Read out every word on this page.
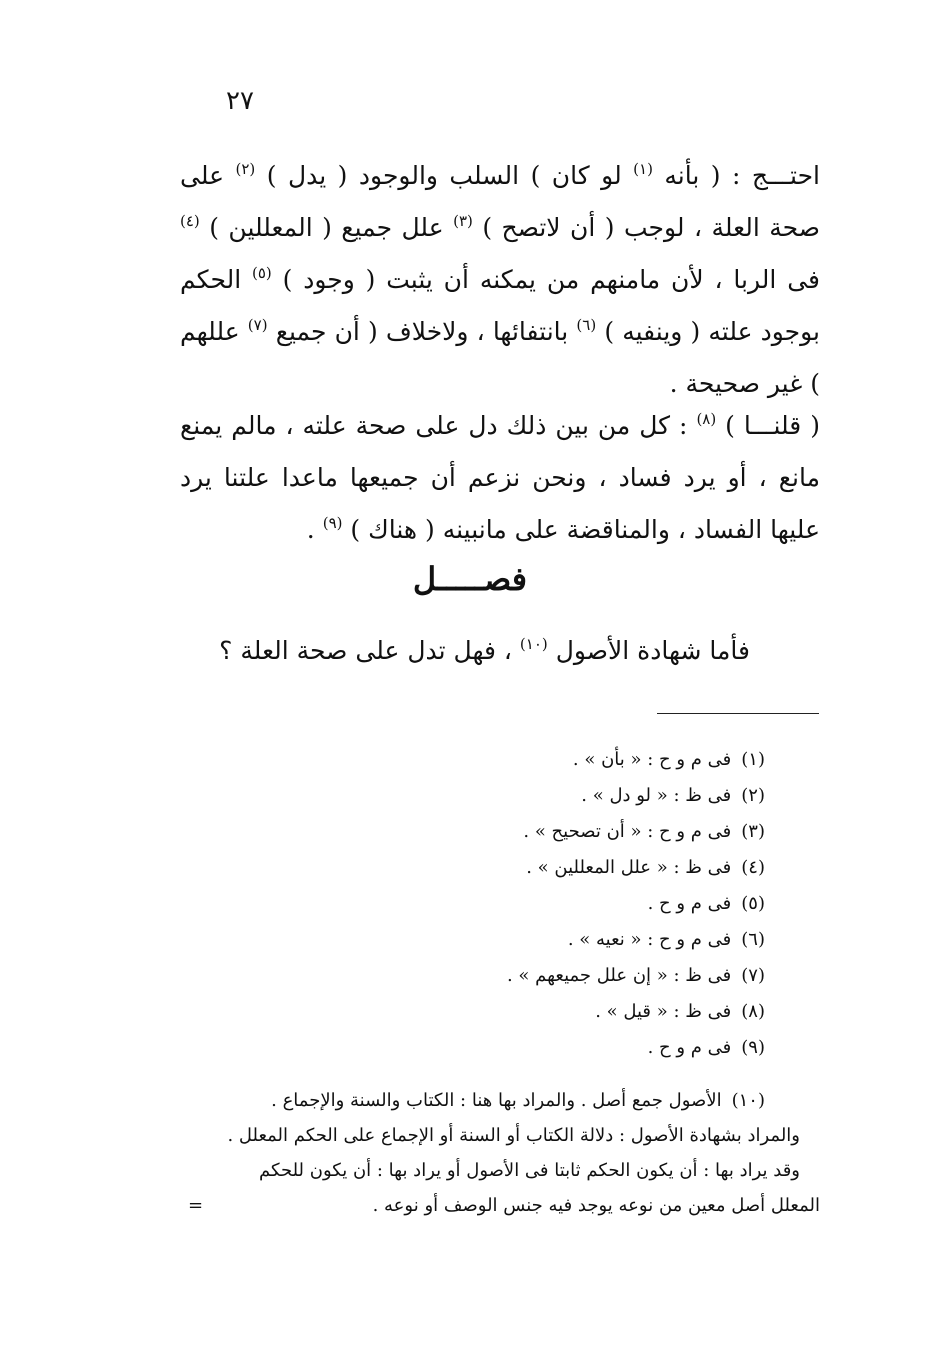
٢٧
احتـــج : ( بأنه $^{(١)}$ لو كان ) السلب والوجود ( يدل ) $^{(٢)}$ على صحة العلة ، لوجب ( أن لاتصح ) $^{(٣)}$ علل جميع ( المعللين ) $^{(٤)}$ فى الربا ، لأن مامنهم من يمكنه أن يثبت ( وجود ) $^{(٥)}$ الحكم بوجود علته ( وينفيه ) $^{(٦)}$ بانتفائها ، ولاخلاف ( أن جميع $^{(٧)}$ عللهم ) غير صحيحة .
( قلنـــا ) $^{(٨)}$ : كل من بين ذلك دل على صحة علته ، مالم يمنع مانع ، أو يرد فساد ، ونحن نزعم أن جميعها ماعدا علتنا يرد عليها الفساد ، والمناقضة على مانبينه ( هناك ) $^{(٩)}$ .
فصـــــل
فأما شهادة الأصول $^{(١٠)}$ ، فهل تدل على صحة العلة ؟
(١)فى م و ح : « بأن » .
(٢)فى ظ : « لو دل » .
(٣)فى م و ح : « أن تصحيح » .
(٤)فى ظ : « علل المعللين » .
(٥)فى م و ح .
(٦)فى م و ح : « نعيه » .
(٧)فى ظ : « إن علل جميعهم » .
(٨)فى ظ : « قيل » .
(٩)فى م و ح .
(١٠)الأصول جمع أصل . والمراد بها هنا : الكتاب والسنة والإجماع .
والمراد بشهادة الأصول : دلالة الكتاب أو السنة أو الإجماع على الحكم المعلل .
وقد يراد بها : أن يكون الحكم ثابتا فى الأصول أو يراد بها : أن يكون للحكم
المعلل أصل معين من نوعه يوجد فيه جنس الوصف أو نوعه .
=
